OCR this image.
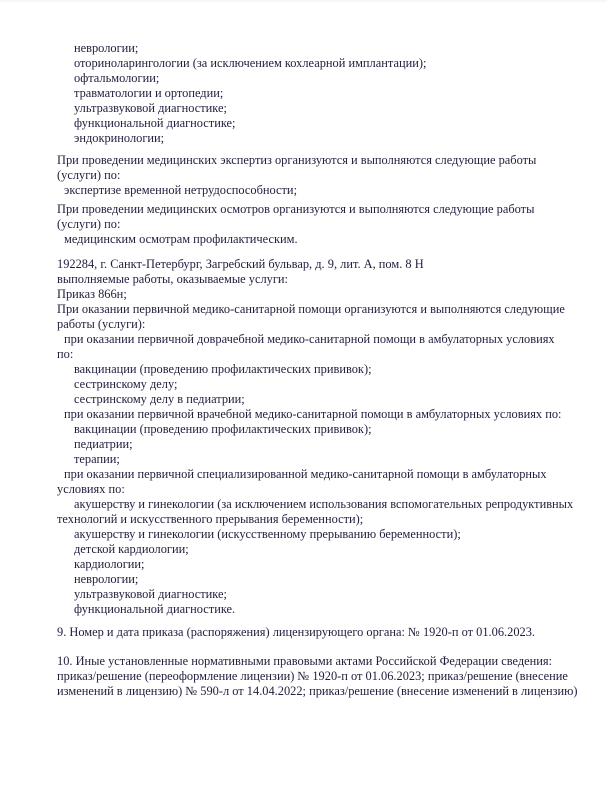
неврологии;
оториноларингологии (за исключением кохлеарной имплантации);
офтальмологии;
травматологии и ортопедии;
ультразвуковой диагностике;
функциональной диагностике;
эндокринологии;
При проведении медицинских экспертиз организуются и выполняются следующие работы
(услуги) по:
экспертизе временной нетрудоспособности;
При проведении медицинских осмотров организуются и выполняются следующие работы
(услуги) по:
медицинским осмотрам профилактическим.
192284, г. Санкт-Петербург, Загребский бульвар, д. 9, лит. А, пом. 8 Н
выполняемые работы, оказываемые услуги:
Приказ 866н;
При оказании первичной медико-санитарной помощи организуются и выполняются следующие
работы (услуги):
при оказании первичной доврачебной медико-санитарной помощи в амбулаторных условиях
по:
вакцинации (проведению профилактических прививок);
сестринскому делу;
сестринскому делу в педиатрии;
при оказании первичной врачебной медико-санитарной помощи в амбулаторных условиях по:
вакцинации (проведению профилактических прививок);
педиатрии;
терапии;
при оказании первичной специализированной медико-санитарной помощи в амбулаторных
условиях по:
акушерству и гинекологии (за исключением использования вспомогательных репродуктивных
технологий и искусственного прерывания беременности);
акушерству и гинекологии (искусственному прерыванию беременности);
детской кардиологии;
кардиологии;
неврологии;
ультразвуковой диагностике;
функциональной диагностике.
9. Номер и дата приказа (распоряжения) лицензирующего органа: № 1920-п от 01.06.2023.
10. Иные установленные нормативными правовыми актами Российской Федерации сведения:
приказ/решение (переоформление лицензии) № 1920-п от 01.06.2023; приказ/решение (внесение
изменений в лицензию) № 590-л от 14.04.2022; приказ/решение (внесение изменений в лицензию)
